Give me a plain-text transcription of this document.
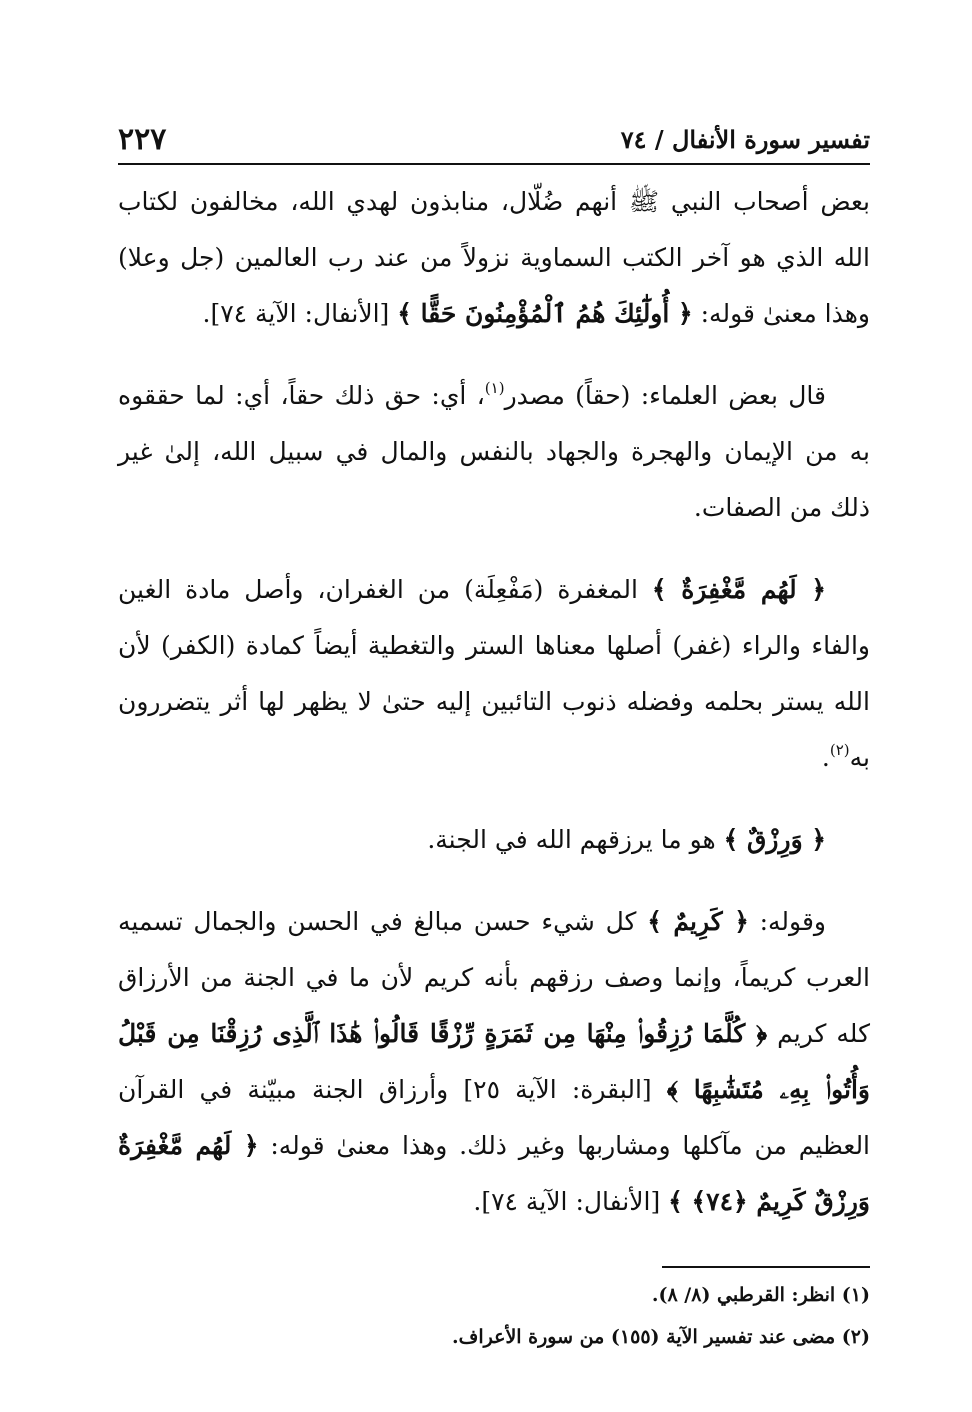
تفسير سورة الأنفال / ٧٤
٢٢٧

بعض أصحاب النبي ﷺ أنهم ضُلّال، منابذون لهدي الله، مخالفون لكتاب الله الذي هو آخر الكتب السماوية نزولاً من عند رب العالمين (جل وعلا) وهذا معنىٰ قوله: ﴿ أُولَٰٓئِكَ هُمُ ٱلْمُؤْمِنُونَ حَقًّا ﴾ [الأنفال: الآية ٧٤].

قال بعض العلماء: (حقاً) مصدر$^{(١)}$، أي: حق ذلك حقاً، أي: لما حققوه به من الإيمان والهجرة والجهاد بالنفس والمال في سبيل الله، إلىٰ غير ذلك من الصفات.

﴿ لَهُم مَّغْفِرَةٌ ﴾ المغفرة (مَفْعِلَة) من الغفران، وأصل مادة الغين والفاء والراء (غفر) أصلها معناها الستر والتغطية أيضاً كمادة (الكفر) لأن الله يستر بحلمه وفضله ذنوب التائبين إليه حتىٰ لا يظهر لها أثر يتضررون به$^{(٢)}$.

﴿ وَرِزْقٌ ﴾ هو ما يرزقهم الله في الجنة.

وقوله: ﴿ كَرِيمٌ ﴾ كل شيء حسن مبالغ في الحسن والجمال تسميه العرب كريماً، وإنما وصف رزقهم بأنه كريم لأن ما في الجنة من الأرزاق كله كريم ﴿ كُلَّمَا رُزِقُوا۟ مِنْهَا مِن ثَمَرَةٍ رِّزْقًا قَالُوا۟ هَٰذَا ٱلَّذِى رُزِقْنَا مِن قَبْلُ وَأُتُوا۟ بِهِۦ مُتَشَٰبِهًا ﴾ [البقرة: الآية ٢٥] وأرزاق الجنة مبيّنة في القرآن العظيم من مآكلها ومشاربها وغير ذلك. وهذا معنىٰ قوله: ﴿ لَهُم مَّغْفِرَةٌ وَرِزْقٌ كَرِيمٌ ﴿٧٤﴾ ﴾ [الأنفال: الآية ٧٤].

(١) انظر: القرطبي (٨/ ٨).
(٢) مضى عند تفسير الآية (١٥٥) من سورة الأعراف.
